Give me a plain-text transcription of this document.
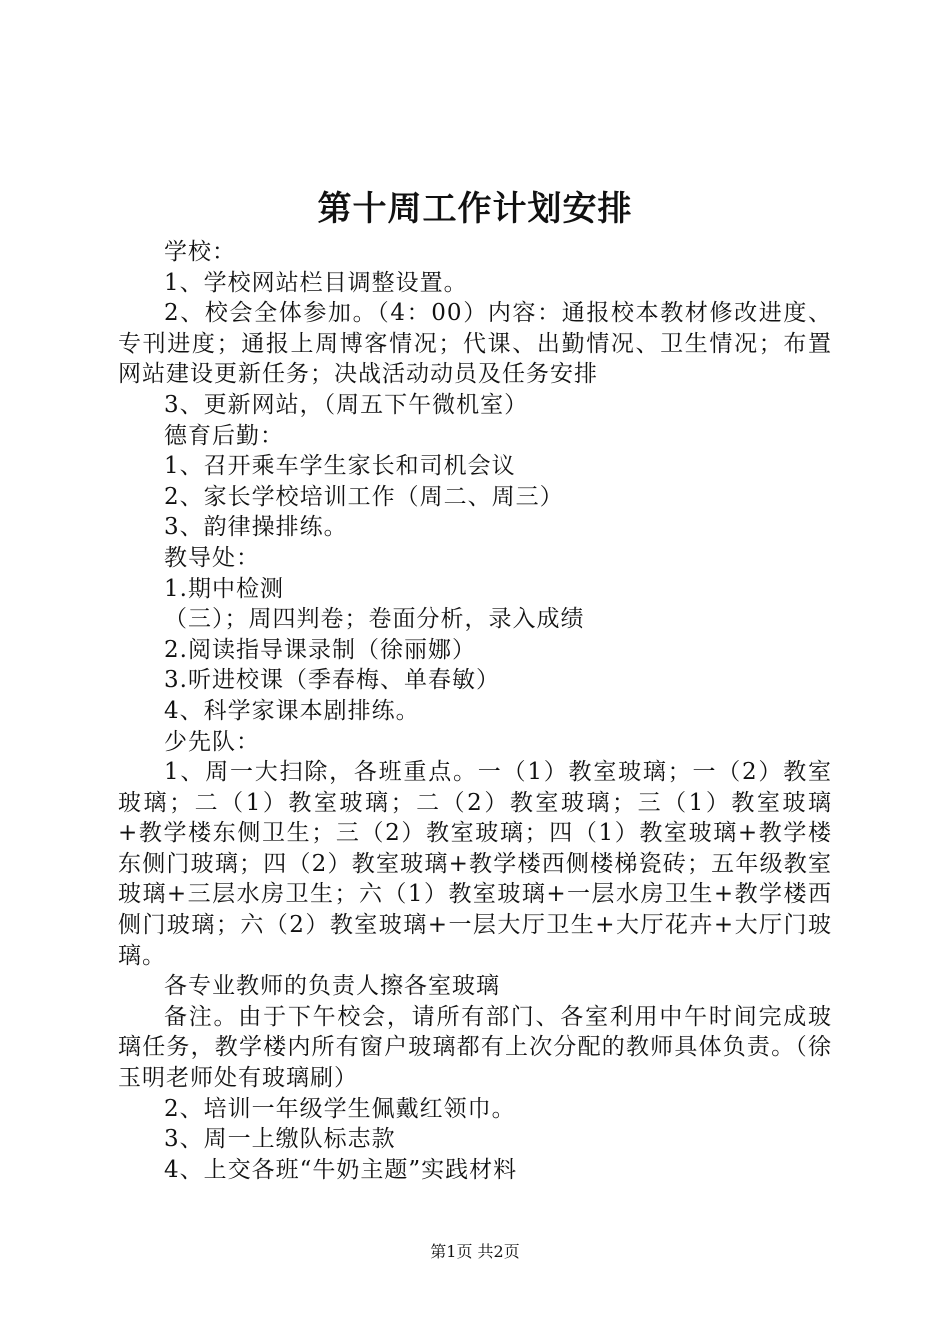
第十周工作计划安排

学校：

1、学校网站栏目调整设置。

2、校会全体参加。（4：00）内容：通报校本教材修改进度、专刊进度；通报上周博客情况；代课、出勤情况、卫生情况；布置网站建设更新任务；决战活动动员及任务安排

3、更新网站，（周五下午微机室）

德育后勤：

1、召开乘车学生家长和司机会议

2、家长学校培训工作（周二、周三）

3、韵律操排练。

教导处：

1.期中检测

（三）；周四判卷；卷面分析，录入成绩

2.阅读指导课录制（徐丽娜）

3.听进校课（季春梅、单春敏）

4、科学家课本剧排练。

少先队：

1、周一大扫除，各班重点。一（1）教室玻璃；一（2）教室玻璃；二（1）教室玻璃；二（2）教室玻璃；三（1）教室玻璃+教学楼东侧卫生；三（2）教室玻璃；四（1）教室玻璃+教学楼东侧门玻璃；四（2）教室玻璃+教学楼西侧楼梯瓷砖；五年级教室玻璃+三层水房卫生；六（1）教室玻璃+一层水房卫生+教学楼西侧门玻璃；六（2）教室玻璃+一层大厅卫生+大厅花卉+大厅门玻璃。

各专业教师的负责人擦各室玻璃

备注。由于下午校会，请所有部门、各室利用中午时间完成玻璃任务，教学楼内所有窗户玻璃都有上次分配的教师具体负责。（徐玉明老师处有玻璃刷）

2、培训一年级学生佩戴红领巾。

3、周一上缴队标志款

4、上交各班“牛奶主题”实践材料

第1页 共2页
